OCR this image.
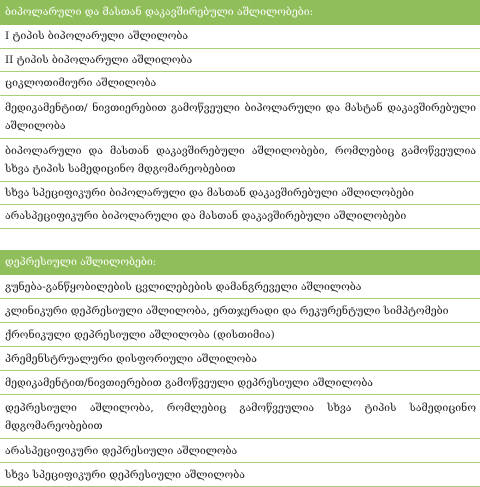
ბიპოლარული და მასთან დაკავშირებული აშლილობები:
I ტიპის ბიპოლარული აშლილობა
II ტიპის ბიპოლარული აშლილობა
ციკლოთიმიური აშლილობა
მედიკამენტით/ ნივთიერებით გამოწვეული ბიპოლარული და მასტან დაკავშირებული აშლილობა
ბიპოლარული და მასთან დაკავშირებული აშლილობები, რომლებიც გამოწვეულია სხვა ტიპის სამედიცინო მდგომარეობებით
სხვა სპეციფიკური ბიპოლარული და მასთან დაკავშირებული აშლილობები
არასპეციფიკური ბიპოლარული და მასთან დაკავშირებული აშლილობები
დეპრესიული აშლილობები:
გუნება-განწყობილების ცვლილებების დამანგრეველი აშლილობა
კლინიკური დეპრესიული აშლილობა, ერთჯერადი და რეკურენტული სიმპტომები
ქრონიკული დეპრესიული აშლილობა (დისთიმია)
პრემენსტრუალური დისფორიული აშლილობა
მედიკამენტით/ნივთიერებით გამოწვეული დეპრესიული აშლილობა
დეპრესიული აშლილობა, რომლებიც გამოწვეულია სხვა ტიპის სამედიცინო მდგომარეობებით
არასპეციფიკური დეპრესიული აშლილობა
სხვა სპეციფიკური დეპრესიული აშლილობა
